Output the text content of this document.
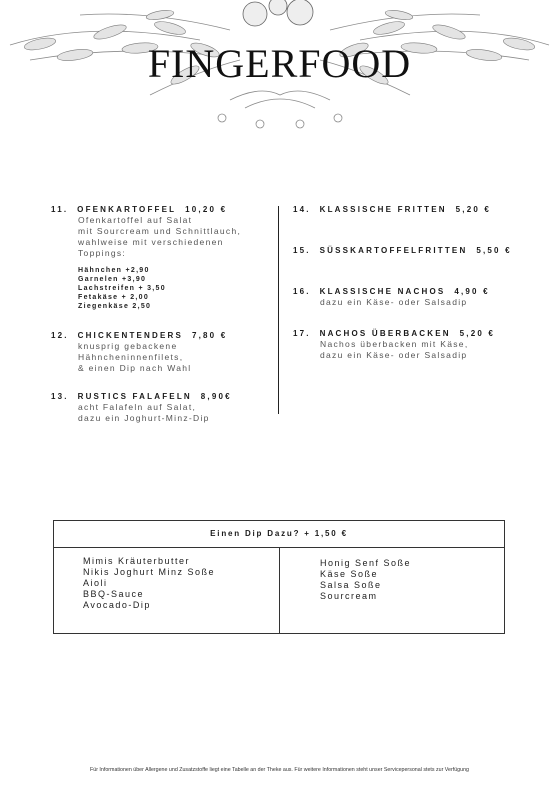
FINGERFOOD
11. OFENKARTOFFEL 10,20 €
Ofenkartoffel auf Salat
mit Sourcream und Schnittlauch,
wahlweise mit verschiedenen
Toppings:
Hähnchen +2,90
Garnelen +3,90
Lachstreifen + 3,50
Fetakäse + 2,00
Ziegenkäse 2,50
12. CHICKENTENDERS 7,80 €
knusprig gebackene
Hähncheninnenfilets,
& einen Dip nach Wahl
13. RUSTICS FALAFELN 8,90€
acht Falafeln auf Salat,
dazu ein Joghurt-Minz-Dip
14. KLASSISCHE FRITTEN 5,20 €
15. SÜSSKARTOFFELFRITTEN 5,50 €
16. KLASSISCHE NACHOS 4,90 €
dazu ein Käse- oder Salsadip
17. NACHOS ÜBERBACKEN 5,20 €
Nachos überbacken mit Käse,
dazu ein Käse- oder Salsadip
Einen Dip Dazu? + 1,50 €
Mimis Kräuterbutter
Nikis Joghurt Minz Soße
Aioli
BBQ-Sauce
Avocado-Dip
Honig Senf Soße
Käse Soße
Salsa Soße
Sourcream
Für Informationen über Allergene und Zusatzstoffe liegt eine Tabelle an der Theke aus. Für weitere Informationen steht unser Servicepersonal stets zur Verfügung
